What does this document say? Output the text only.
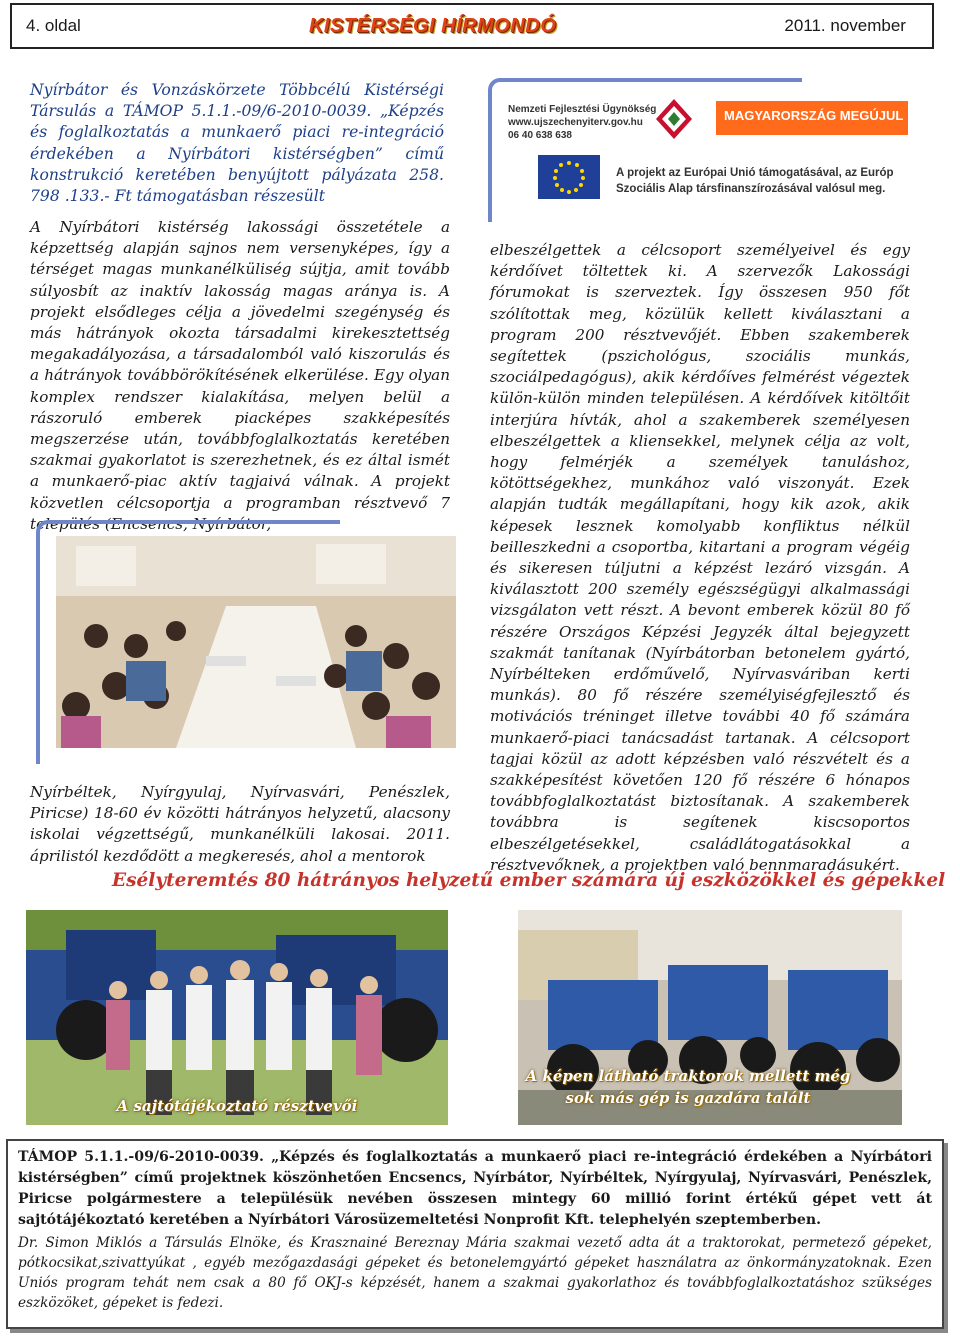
4. oldal	KISTÉRSÉGI HÍRMONDÓ	2011. november
Nyírbátor és Vonzáskörzete Többcélú Kistérségi Társulás a TÁMOP 5.1.1.-09/6-2010-0039. „Képzés és foglalkoztatás a munkaerő piaci re-integráció érdekében a Nyírbátori kistérségben” című konstrukció keretében benyújtott pályázata 258. 798 .133.- Ft támogatásban részesült
Nemzeti Fejlesztési Ügynökség
www.ujszechenyiterv.gov.hu
06 40 638 638
MAGYARORSZÁG MEGÚJUL
A projekt az Európai Unió támogatásával, az Európ
Szociális Alap társfinanszírozásával valósul meg.
A Nyírbátori kistérség lakossági összetétele a képzettség alapján sajnos nem versenyképes, így a térséget magas munkanélküliség sújtja, amit tovább súlyosbít az inaktív lakosság magas aránya is. A projekt elsődleges célja a jövedelmi szegénység és más hátrányok okozta társadalmi kirekesztettség megakadályozása, a társadalomból való kiszorulás és a hátrányok továbbörökítésének elkerülése. Egy olyan komplex rendszer kialakítása, melyen belül a rászoruló emberek piacképes szakképesítés megszerzése után, továbbfoglalkoztatás keretében szakmai gyakorlatot is szerezhetnek, és ez által ismét a munkaerő-piac aktív tagjaivá válnak. A projekt közvetlen célcsoportja a programban résztvevő 7 település (Encsencs, Nyírbátor,
Nyírbéltek, Nyírgyulaj, Nyírvasvári, Penészlek, Piricse) 18-60 év közötti hátrányos helyzetű, alacsony iskolai végzettségű, munkanélküli lakosai. 2011. áprilistól kezdődött a megkeresés, ahol a mentorok
elbeszélgettek a célcsoport személyeivel és egy kérdőívet töltettek ki. A szervezők Lakossági fórumokat is szerveztek. Így összesen 950 főt szólítottak meg, közülük kellett kiválasztani a program 200 résztvevőjét. Ebben szakemberek segítettek (pszichológus, szociális munkás, szociálpedagógus), akik kérdőíves felmérést végeztek külön-külön minden településen. A kérdőívek kitöltőit interjúra hívták, ahol a szakemberek személyesen elbeszélgettek a kliensekkel, melynek célja az volt, hogy felmérjék a személyek tanuláshoz, kötöttségekhez, munkához való viszonyát. Ezek alapján tudták megállapítani, hogy kik azok, akik képesek lesznek komolyabb konfliktus nélkül beilleszkedni a csoportba, kitartani a program végéig és sikeresen túljutni a képzést lezáró vizsgán. A kiválasztott 200 személy egészségügyi alkalmassági vizsgálaton vett részt. A bevont emberek közül 80 fő részére Országos Képzési Jegyzék által bejegyzett szakmát tanítanak (Nyírbátorban betonelem gyártó, Nyírbélteken erdőművelő, Nyírvasváriban kerti munkás). 80 fő részére személyiségfejlesztő és motivációs tréninget illetve további 40 fő számára munkaerő-piaci tanácsadást tartanak. A célcsoport tagjai közül az adott képzésben való részvételt és a szakképesítést követően 120 fő részére 6 hónapos továbbfoglalkoztatást biztosítanak. A szakemberek továbbra is segítenek kiscsoportos elbeszélgetésekkel, családlátogatásokkal a résztvevőknek, a projektben való bennmaradásukért.
Esélyteremtés 80 hátrányos helyzetű ember számára új eszközökkel és gépekkel
A sajtótájékoztató résztvevői
A képen látható traktorok mellett még
sok más gép is gazdára talált
TÁMOP 5.1.1.-09/6-2010-0039. „Képzés és foglalkoztatás a munkaerő piaci re-integráció érdekében a Nyírbátori kistérségben” című projektnek köszönhetően Encsencs, Nyírbátor, Nyírbéltek, Nyírgyulaj, Nyírvasvári, Penészlek, Piricse polgármestere a településük nevében összesen mintegy 60 millió forint értékű gépet vett át sajtótájékoztató keretében a Nyírbátori Városüzemeltetési Nonprofit Kft. telephelyén szeptemberben.
Dr. Simon Miklós a Társulás Elnöke, és Krasznainé Bereznay Mária szakmai vezető adta át a traktorokat, permetező gépeket, pótkocsikat,szivattyúkat , egyéb mezőgazdasági gépeket és betonelemgyártó gépeket használatra az önkormányzatoknak. Ezen Uniós program tehát nem csak a 80 fő OKJ-s képzését, hanem a szakmai gyakorlathoz és továbbfoglalkoztatáshoz szükséges eszközöket, gépeket is fedezi.
